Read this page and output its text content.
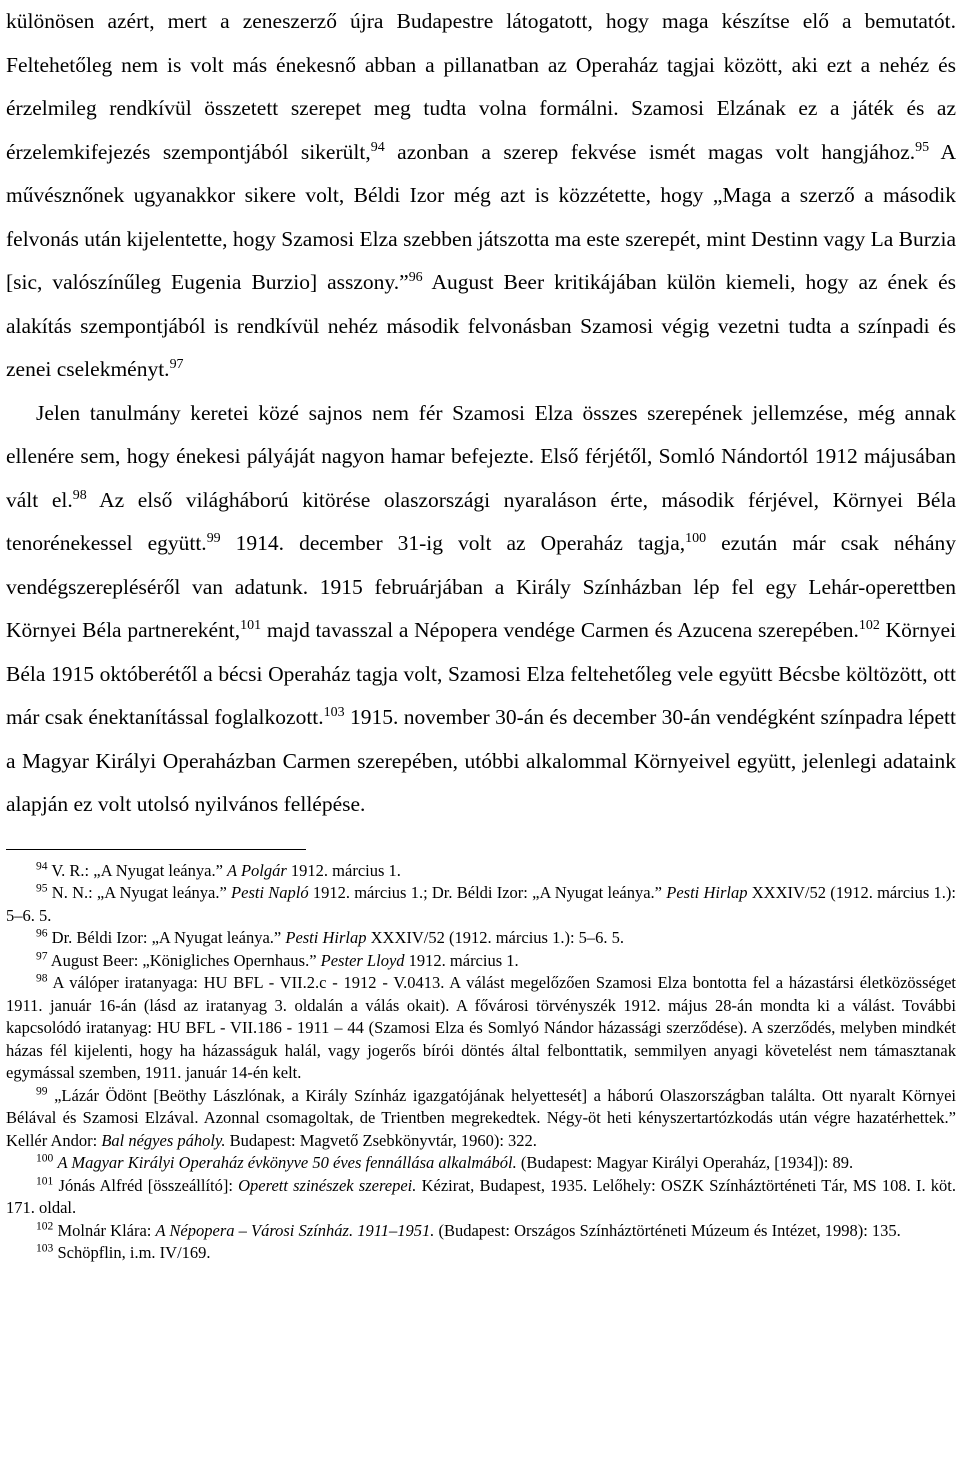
különösen azért, mert a zeneszerző újra Budapestre látogatott, hogy maga készítse elő a bemutatót. Feltehetőleg nem is volt más énekesnő abban a pillanatban az Operaház tagjai között, aki ezt a nehéz és érzelmileg rendkívül összetett szerepet meg tudta volna formálni. Szamosi Elzának ez a játék és az érzelemkifejezés szempontjából sikerült,$^{94}$ azonban a szerep fekvése ismét magas volt hangjához.$^{95}$ A művésznőnek ugyanakkor sikere volt, Béldi Izor még azt is közzétette, hogy „Maga a szerző a második felvonás után kijelentette, hogy Szamosi Elza szebben játszotta ma este szerepét, mint Destinn vagy La Burzia [sic, valószínűleg Eugenia Burzio] asszony.”$^{96}$ August Beer kritikájában külön kiemeli, hogy az ének és alakítás szempontjából is rendkívül nehéz második felvonásban Szamosi végig vezetni tudta a színpadi és zenei cselekményt.$^{97}$

Jelen tanulmány keretei közé sajnos nem fér Szamosi Elza összes szerepének jellemzése, még annak ellenére sem, hogy énekesi pályáját nagyon hamar befejezte. Első férjétől, Somló Nándortól 1912 májusában vált el.$^{98}$ Az első világháború kitörése olaszországi nyaraláson érte, második férjével, Környei Béla tenorénekessel együtt.$^{99}$ 1914. december 31-ig volt az Operaház tagja,$^{100}$ ezután már csak néhány vendégszerepléséről van adatunk. 1915 februárjában a Király Színházban lép fel egy Lehár-operettben Környei Béla partnereként,$^{101}$ majd tavasszal a Népopera vendége Carmen és Azucena szerepében.$^{102}$ Környei Béla 1915 októberétől a bécsi Operaház tagja volt, Szamosi Elza feltehetőleg vele együtt Bécsbe költözött, ott már csak énektanítással foglalkozott.$^{103}$ 1915. november 30-án és december 30-án vendégként színpadra lépett a Magyar Királyi Operaházban Carmen szerepében, utóbbi alkalommal Környeivel együtt, jelenlegi adataink alapján ez volt utolsó nyilvános fellépése.

$^{94}$ V. R.: „A Nyugat leánya.” A Polgár 1912. március 1.

$^{95}$ N. N.: „A Nyugat leánya.” Pesti Napló 1912. március 1.; Dr. Béldi Izor: „A Nyugat leánya.” Pesti Hirlap XXXIV/52 (1912. március 1.): 5–6. 5.

$^{96}$ Dr. Béldi Izor: „A Nyugat leánya.” Pesti Hirlap XXXIV/52 (1912. március 1.): 5–6. 5.

$^{97}$ August Beer: „Königliches Opernhaus.” Pester Lloyd 1912. március 1.

$^{98}$ A válóper iratanyaga: HU BFL - VII.2.c - 1912 - V.0413. A válást megelőzően Szamosi Elza bontotta fel a házastársi életközösséget 1911. január 16-án (lásd az iratanyag 3. oldalán a válás okait). A fővárosi törvényszék 1912. május 28-án mondta ki a válást. További kapcsolódó iratanyag: HU BFL - VII.186 - 1911 – 44 (Szamosi Elza és Somlyó Nándor házassági szerződése). A szerződés, melyben mindkét házas fél kijelenti, hogy ha házasságuk halál, vagy jogerős bírói döntés által felbonttatik, semmilyen anyagi követelést nem támasztanak egymással szemben, 1911. január 14-én kelt.

$^{99}$ „Lázár Ödönt [Beöthy Lászlónak, a Király Színház igazgatójának helyettesét] a háború Olaszországban találta. Ott nyaralt Környei Bélával és Szamosi Elzával. Azonnal csomagoltak, de Trientben megrekedtek. Négy-öt heti kényszertartózkodás után végre hazatérhettek.” Kellér Andor: Bal négyes páholy. Budapest: Magvető Zsebkönyvtár, 1960): 322.

$^{100}$ A Magyar Királyi Operaház évkönyve 50 éves fennállása alkalmából. (Budapest: Magyar Királyi Operaház, [1934]): 89.

$^{101}$ Jónás Alfréd [összeállító]: Operett szinészek szerepei. Kézirat, Budapest, 1935. Lelőhely: OSZK Színháztörténeti Tár, MS 108. I. köt. 171. oldal.

$^{102}$ Molnár Klára: A Népopera – Városi Színház. 1911–1951. (Budapest: Országos Színháztörténeti Múzeum és Intézet, 1998): 135.

$^{103}$ Schöpflin, i.m. IV/169.
